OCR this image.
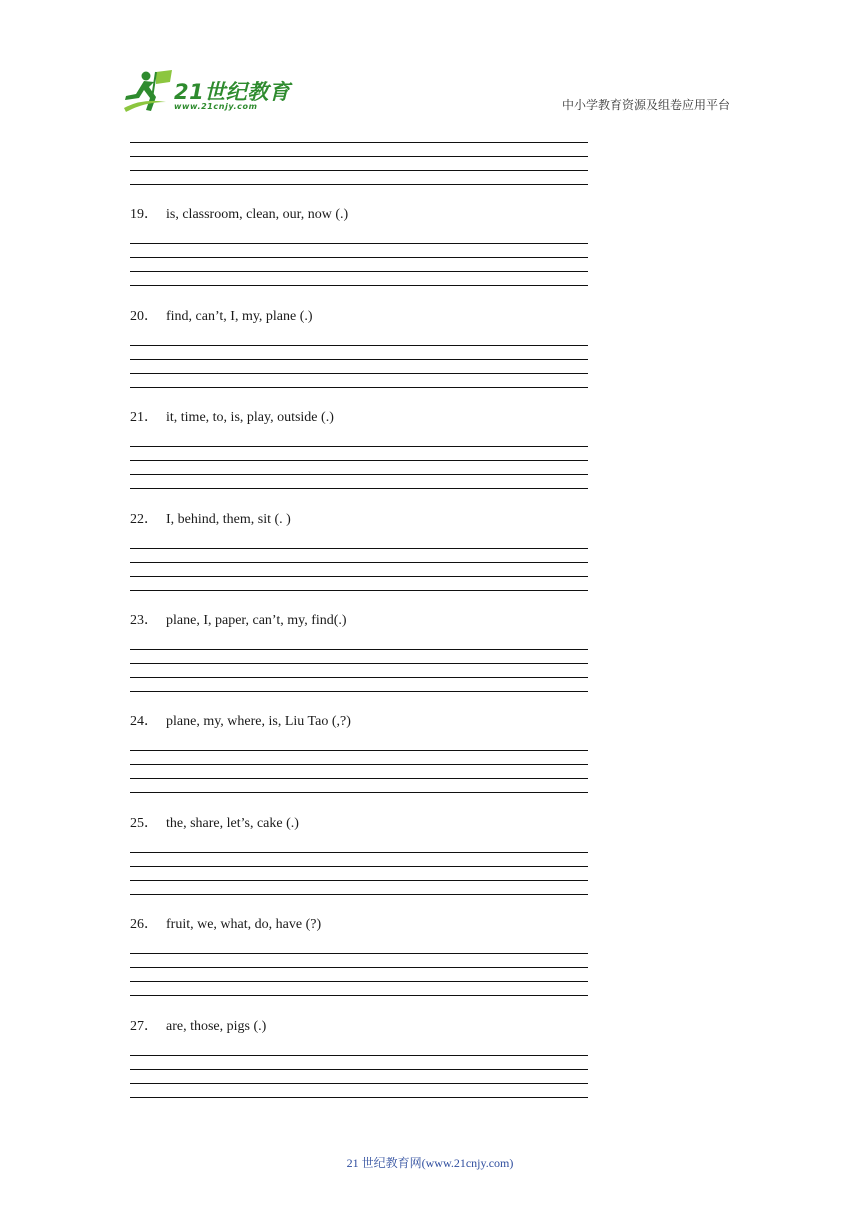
21世纪教育
www.21cnjy.com	中小学教育资源及组卷应用平台
19． is, classroom, clean, our, now (.)
20． find, can’t, I, my, plane (.)
21． it, time, to, is, play, outside (.)
22． I, behind, them, sit (. )
23． plane, I, paper, can’t, my, find(.)
24． plane, my, where, is, Liu Tao (,?)
25． the, share, let’s, cake (.)
26． fruit, we, what, do, have (?)
27． are, those, pigs (.)
21 世纪教育网(www.21cnjy.com)
